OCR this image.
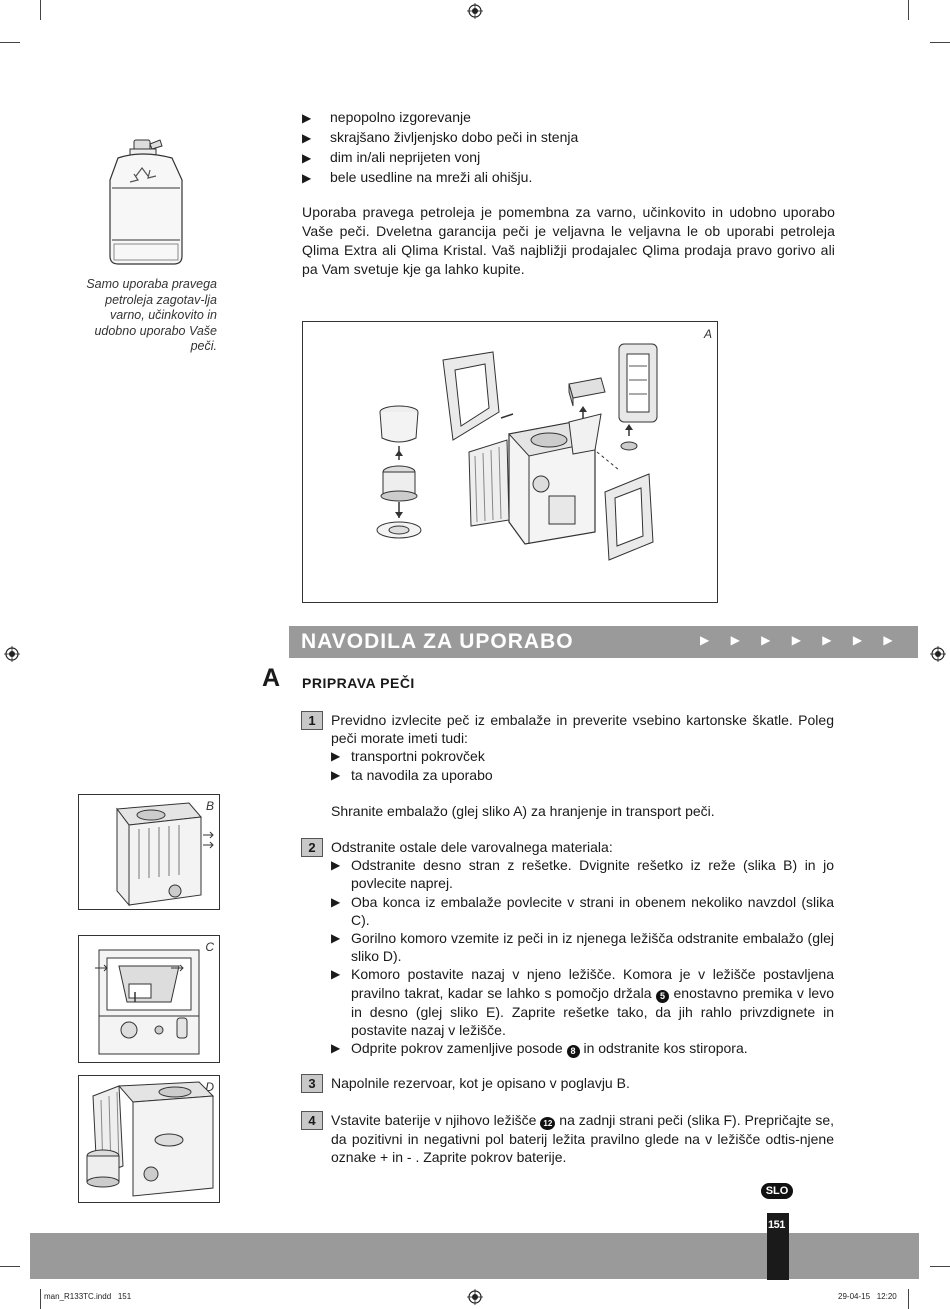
▶ nepopolno izgorevanje
▶ skrajšano življenjsko dobo peči in stenja
▶ dim in/ali neprijeten vonj
▶ bele usedline na mreži ali ohišju.
Uporaba pravega petroleja je pomembna za varno, učinkovito in udobno uporabo Vaše peči. Dveletna garancija peči je veljavna le veljavna le ob uporabi petroleja Qlima Extra ali Qlima Kristal. Vaš najbližji prodajalec Qlima prodaja pravo gorivo ali pa Vam svetuje kje ga lahko kupite.
Samo uporaba pravega petroleja zagotav-lja varno, učinkovito in udobno uporabo Vaše peči.
A
NAVODILA ZA UPORABO	▶ ▶ ▶ ▶ ▶ ▶ ▶
A PRIPRAVA PEČI
1	Previdno izvlecite peč iz embalaže in preverite vsebino kartonske škatle. Poleg peči morate imeti tudi:
▶ transportni pokrovček
▶ ta navodila za uporabo
Shranite embalažo (glej sliko A) za hranjenje in transport peči.
2	Odstranite ostale dele varovalnega materiala:
▶ Odstranite desno stran z rešetke. Dvignite rešetko iz reže (slika B) in jo povlecite naprej.
▶ Oba konca iz embalaže povlecite v strani in obenem nekoliko navzdol (slika C).
▶ Gorilno komoro vzemite iz peči in iz njenega ležišča odstranite embalažo (glej sliko D).
▶ Komoro postavite nazaj v njeno ležišče. Komora je v ležišče postavljena pravilno takrat, kadar se lahko s pomočjo držala 5 enostavno premika v levo in desno (glej sliko E). Zaprite rešetke tako, da jih rahlo privzdignete in postavite nazaj v ležišče.
▶ Odprite pokrov zamenljive posode 8 in odstranite kos stiropora.
3	Napolnile rezervoar, kot je opisano v poglavju B.
4	Vstavite baterije v njihovo ležišče 12 na zadnji strani peči (slika F). Prepričajte se, da pozitivni in negativni pol baterij ležita pravilno glede na v ležišče odtis-njene oznake + in - . Zaprite pokrov baterije.
B
C
D
SLO
151
man_R133TC.indd   151	29-04-15   12:20
